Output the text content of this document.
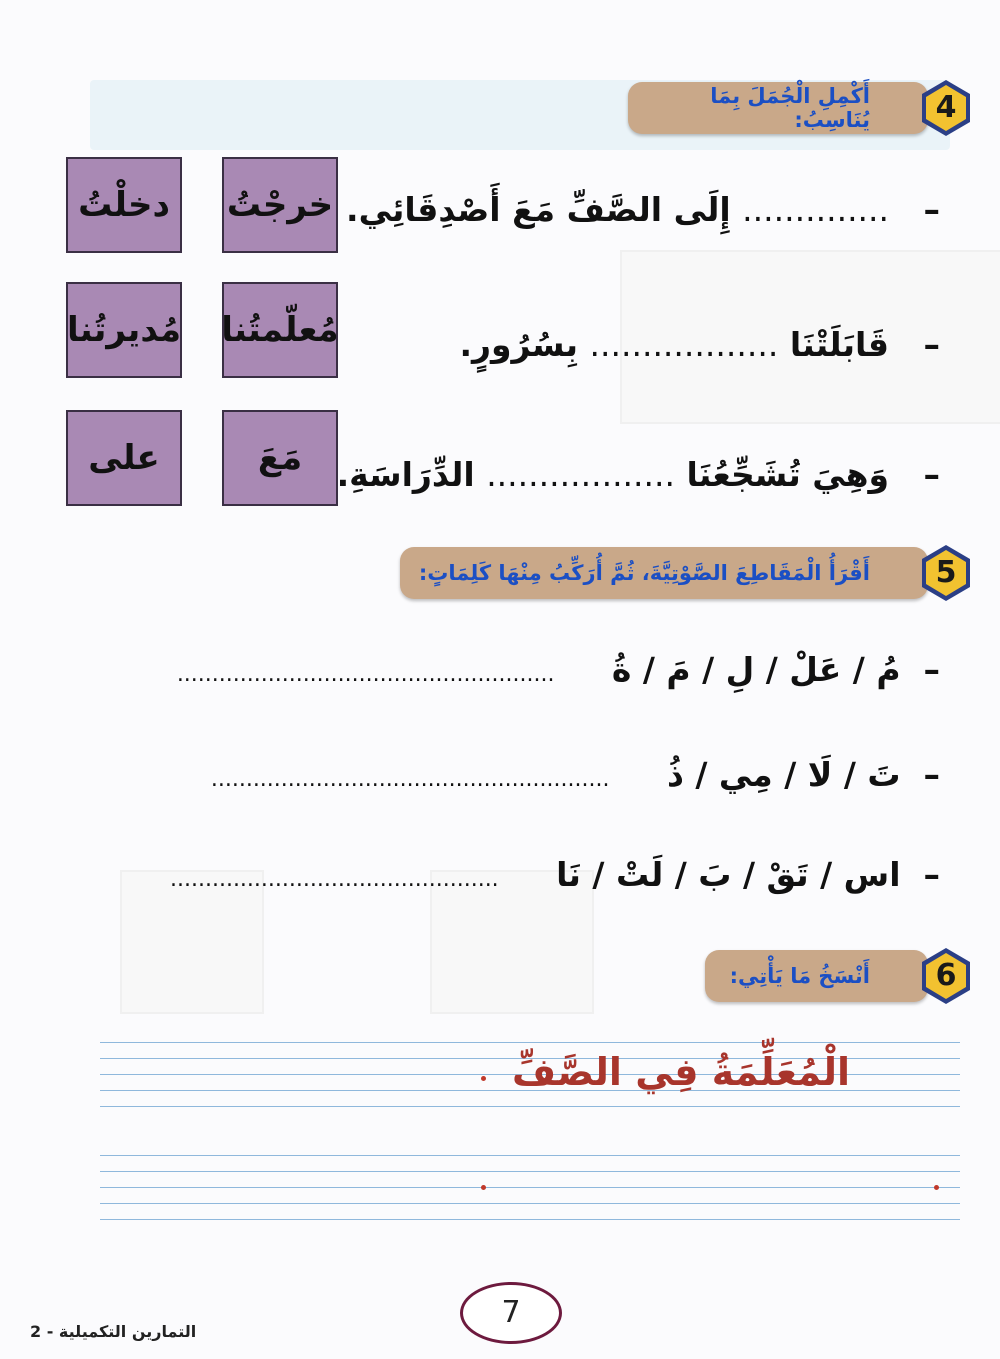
أَكْمِلِ الْجُمَلَ بِمَا يُنَاسِبُ:	4
خرجْتُ
دخلْتُ
مُعلّمتُنا
مُديرتُنا
مَعَ
على
–   .............. إِلَى الصَّفِّ مَعَ أَصْدِقَائِي.
–   قَابَلَتْنَا .................. بِسُرُورٍ.
–   وَهِيَ تُشَجِّعُنَا .................. الدِّرَاسَةِ.
أَقْرَأُ الْمَقَاطِعَ الصَّوْتِيَّةَ، ثُمَّ أُرَكِّبُ مِنْهَا كَلِمَاتٍ:	5
–  مُ / عَلْ / لِ / مَ / ةُ     ......................................................
–  تَ / لَا / مِي / ذُ     .........................................................
–  اس / تَقْ / بَ / لَتْ / نَا     ...............................................
أَنْسَخُ مَا يَأْتِي:	6
الْمُعَلِّمَةُ فِي الصَّفِّ
7
التمارين التكميلية - 2
